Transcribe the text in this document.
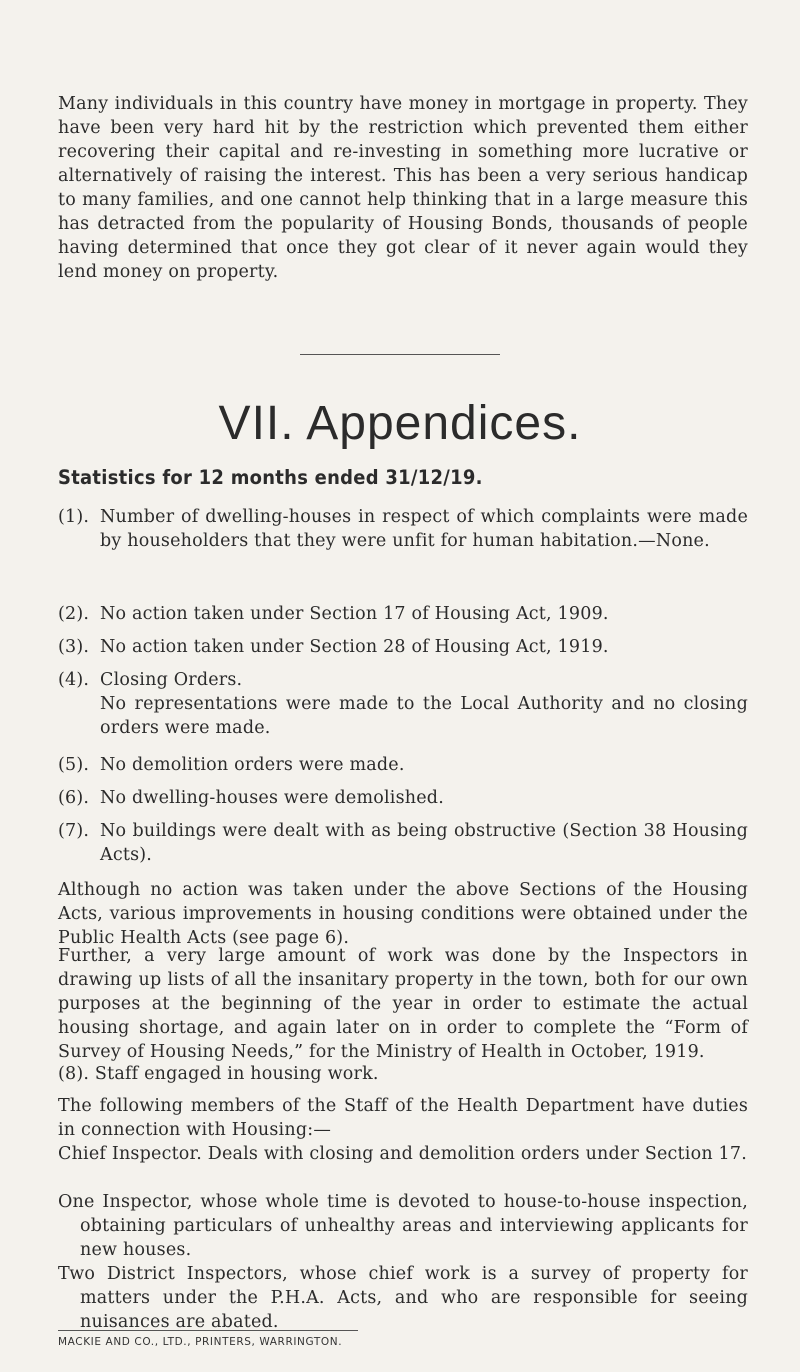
Many individuals in this country have money in mortgage in property. They have been very hard hit by the restriction which prevented them either recovering their capital and re-investing in something more lucrative or alternatively of raising the interest. This has been a very serious handicap to many families, and one cannot help thinking that in a large measure this has detracted from the popularity of Housing Bonds, thousands of people having determined that once they got clear of it never again would they lend money on property.

VII. Appendices.
Statistics for 12 months ended 31/12/19.
(1). Number of dwelling-houses in respect of which complaints were made by householders that they were unfit for human habitation.—None.
(2). No action taken under Section 17 of Housing Act, 1909.
(3). No action taken under Section 28 of Housing Act, 1919.
(4). Closing Orders.
No representations were made to the Local Authority and no closing orders were made.
(5). No demolition orders were made.
(6). No dwelling-houses were demolished.
(7). No buildings were dealt with as being obstructive (Section 38 Housing Acts).

Although no action was taken under the above Sections of the Housing Acts, various improvements in housing conditions were obtained under the Public Health Acts (see page 6).

Further, a very large amount of work was done by the Inspectors in drawing up lists of all the insanitary property in the town, both for our own purposes at the beginning of the year in order to estimate the actual housing shortage, and again later on in order to complete the “Form of Survey of Housing Needs,” for the Ministry of Health in October, 1919.

(8). Staff engaged in housing work.

The following members of the Staff of the Health Department have duties in connection with Housing:—

Chief Inspector. Deals with closing and demolition orders under Section 17.
One Inspector, whose whole time is devoted to house-to-house inspection, obtaining particulars of unhealthy areas and interviewing applicants for new houses.
Two District Inspectors, whose chief work is a survey of property for matters under the P.H.A. Acts, and who are responsible for seeing nuisances are abated.
MACKIE AND CO., LTD., PRINTERS, WARRINGTON.
